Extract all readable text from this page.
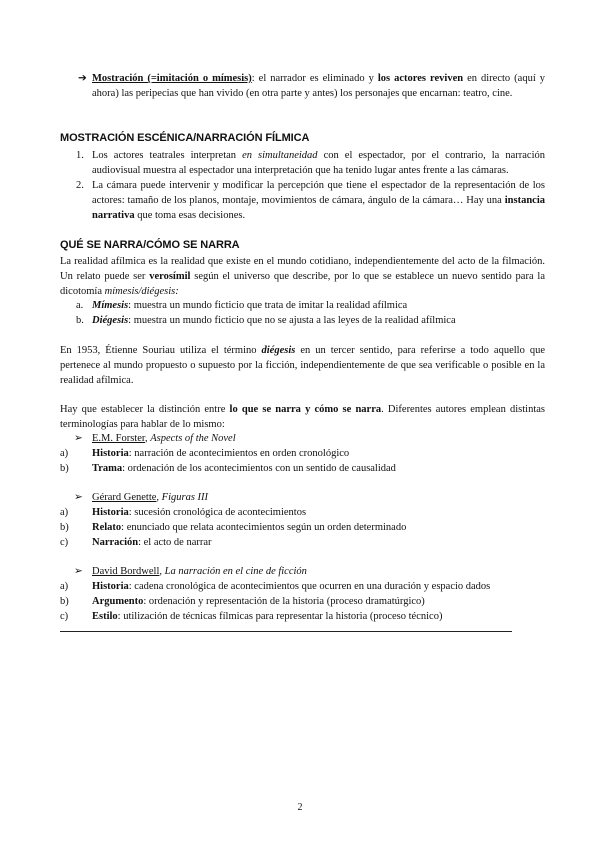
➔ Mostración (=imitación o mímesis): el narrador es eliminado y los actores reviven en directo (aquí y ahora) las peripecias que han vivido (en otra parte y antes) los personajes que encarnan: teatro, cine.
MOSTRACIÓN ESCÉNICA/NARRACIÓN FÍLMICA
1. Los actores teatrales interpretan en simultaneidad con el espectador, por el contrario, la narración audiovisual muestra al espectador una interpretación que ha tenido lugar antes frente a las cámaras.
2. La cámara puede intervenir y modificar la percepción que tiene el espectador de la representación de los actores: tamaño de los planos, montaje, movimientos de cámara, ángulo de la cámara… Hay una instancia narrativa que toma esas decisiones.
QUÉ SE NARRA/CÓMO SE NARRA
La realidad afílmica es la realidad que existe en el mundo cotidiano, independientemente del acto de la filmación. Un relato puede ser verosímil según el universo que describe, por lo que se establece un nuevo sentido para la dicotomía mímesis/diégesis:
a. Mímesis: muestra un mundo ficticio que trata de imitar la realidad afílmica
b. Diégesis: muestra un mundo ficticio que no se ajusta a las leyes de la realidad afílmica
En 1953, Étienne Souriau utiliza el término diégesis en un tercer sentido, para referirse a todo aquello que pertenece al mundo propuesto o supuesto por la ficción, independientemente de que sea verificable o posible en la realidad afílmica.
Hay que establecer la distinción entre lo que se narra y cómo se narra. Diferentes autores emplean distintas terminologías para hablar de lo mismo:
➢ E.M. Forster, Aspects of the Novel
a) Historia: narración de acontecimientos en orden cronológico
b) Trama: ordenación de los acontecimientos con un sentido de causalidad
➢ Gérard Genette, Figuras III
a) Historia: sucesión cronológica de acontecimientos
b) Relato: enunciado que relata acontecimientos según un orden determinado
c) Narración: el acto de narrar
➢ David Bordwell, La narración en el cine de ficción
a) Historia: cadena cronológica de acontecimientos que ocurren en una duración y espacio dados
b) Argumento: ordenación y representación de la historia (proceso dramatúrgico)
c) Estilo: utilización de técnicas fílmicas para representar la historia (proceso técnico)
2
